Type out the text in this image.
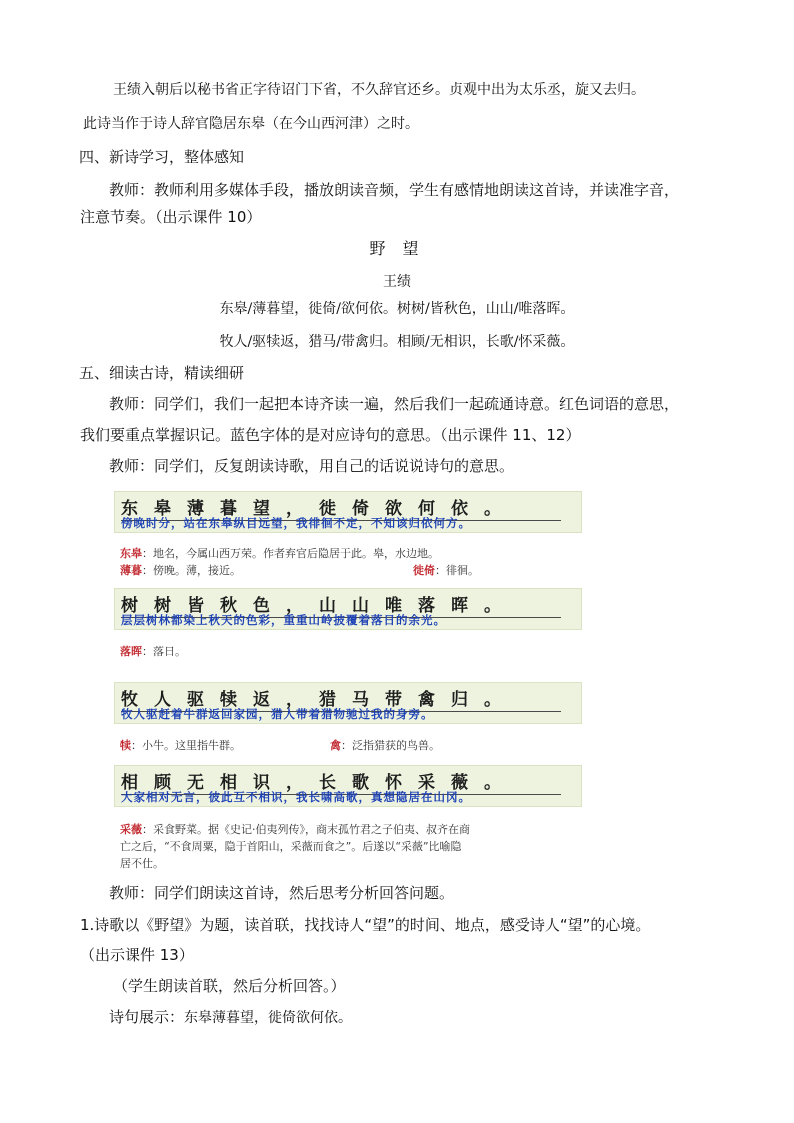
王绩入朝后以秘书省正字待诏门下省，不久辞官还乡。贞观中出为太乐丞，旋又去归。
此诗当作于诗人辞官隐居东皋（在今山西河津）之时。
四、新诗学习，整体感知
教师：教师利用多媒体手段，播放朗读音频，学生有感情地朗读这首诗，并读准字音，
注意节奏。（出示课件 10）
野 望
王绩
东皋/薄暮望，徙倚/欲何依。树树/皆秋色，山山/唯落晖。
牧人/驱犊返，猎马/带禽归。相顾/无相识，长歌/怀采薇。
五、细读古诗，精读细研
教师：同学们，我们一起把本诗齐读一遍，然后我们一起疏通诗意。红色词语的意思，
我们要重点掌握识记。蓝色字体的是对应诗句的意思。（出示课件 11、12）
教师：同学们，反复朗读诗歌，用自己的话说说诗句的意思。
东皋薄暮望，徙倚欲何依。
傍晚时分，站在东皋纵目远望，我徘徊不定，不知该归依何方。
东皋：地名，今属山西万荣。作者弃官后隐居于此。皋，水边地。
薄暮：傍晚。薄，接近。	徙倚：徘徊。
树树皆秋色，山山唯落晖。
层层树林都染上秋天的色彩，重重山岭披覆着落日的余光。
落晖：落日。
牧人驱犊返，猎马带禽归。
牧人驱赶着牛群返回家园，猎人带着猎物驰过我的身旁。
犊：小牛。这里指牛群。	禽：泛指猎获的鸟兽。
相顾无相识，长歌怀采薇。
大家相对无言，彼此互不相识，我长啸高歌，真想隐居在山冈。
采薇：采食野菜。据《史记·伯夷列传》，商末孤竹君之子伯夷、叔齐在商
亡之后，“不食周粟，隐于首阳山，采薇而食之”。后遂以“采薇”比喻隐
居不仕。
教师：同学们朗读这首诗，然后思考分析回答问题。
1.诗歌以《野望》为题，读首联，找找诗人“望”的时间、地点，感受诗人“望”的心境。
（出示课件 13）
（学生朗读首联，然后分析回答。）
诗句展示：东皋薄暮望，徙倚欲何依。
